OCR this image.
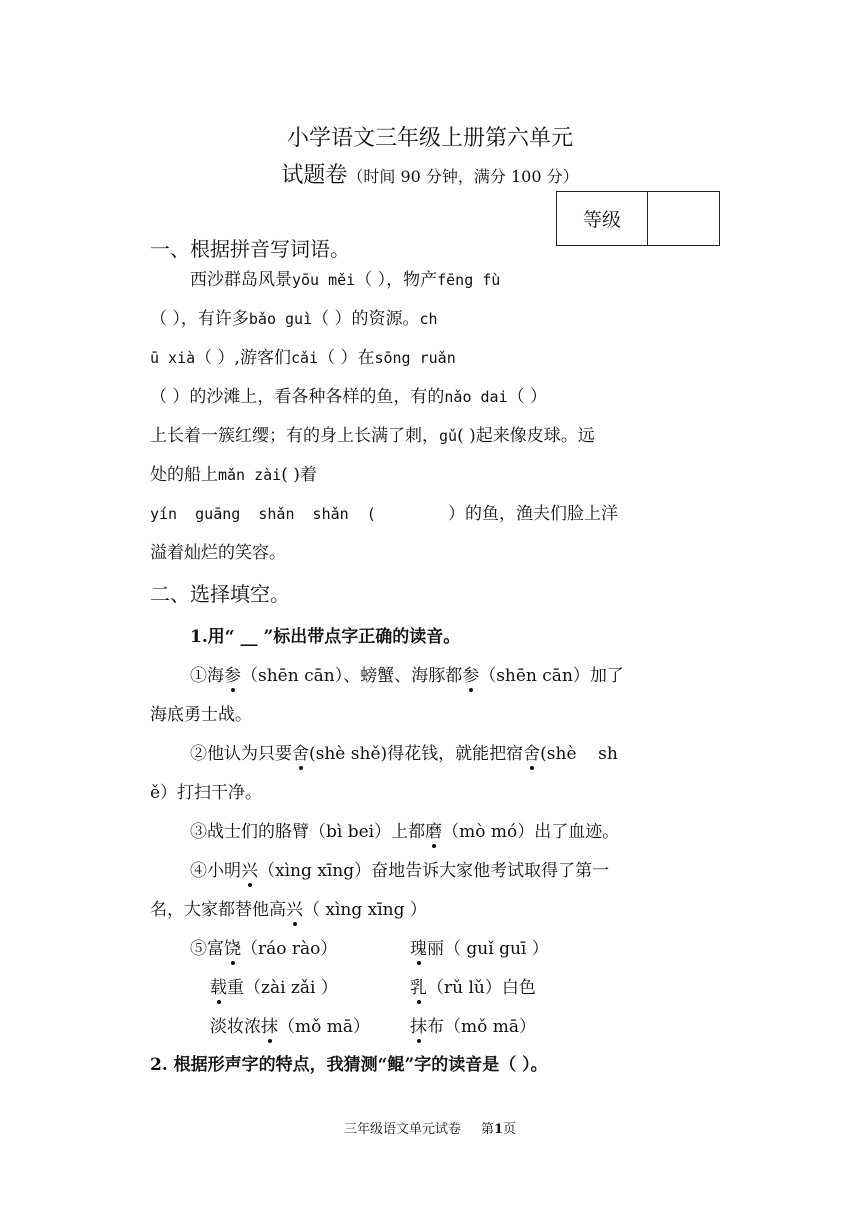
小学语文三年级上册第六单元
试题卷（时间 90 分钟，满分 100 分）
等级
一、根据拼音写词语。
西沙群岛风景yōu měi（ ），物产fēng fù
（ ），有许多bǎo guì（ ）的资源。ch
ū xià（ ）,游客们cǎi（ ）在sōng ruǎn
（ ）的沙滩上，看各种各样的鱼，有的nǎo dai（ ）
上长着一簇红缨；有的身上长满了刺，gǔ( )起来像皮球。远
处的船上mǎn zài( )着
yín  guāng  shǎn  shǎn  (        ）的鱼，渔夫们脸上洋
溢着灿烂的笑容。
二、选择填空。
1.用“ __ ”标出带点字正确的读音。
①海参（shēn cān）、螃蟹、海豚都参（shēn cān）加了
海底勇士战。
②他认为只要舍(shè shě)得花钱，就能把宿舍(shè    sh
ě）打扫干净。
③战士们的胳臂（bì bei）上都磨（mò mó）出了血迹。
④小明兴（xìng xīng）奋地告诉大家他考试取得了第一
名，大家都替他高兴（ xìng xīng ）
⑤富饶（ráo rào）	瑰丽（ guǐ guī ）
载重（zài zǎi ）	乳（rǔ lǔ）白色
淡妆浓抹（mǒ mā） 抹布（mǒ mā）
2. 根据形声字的特点，我猜测“鲲”字的读音是（ ）。
三年级语文单元试卷 第1页
